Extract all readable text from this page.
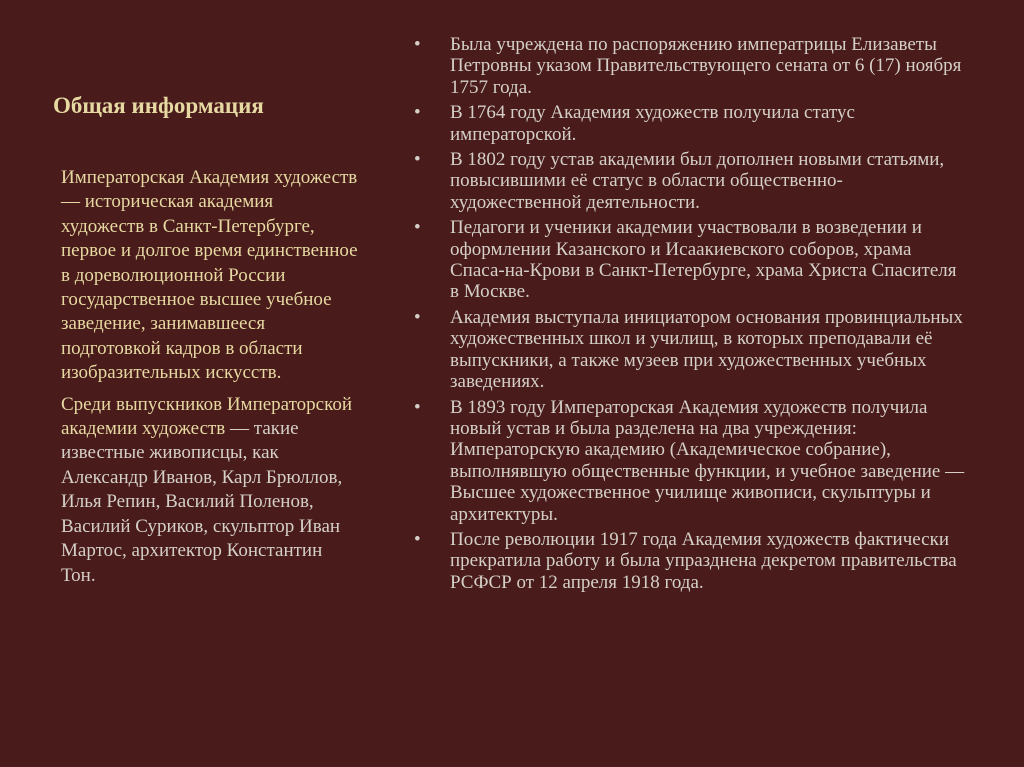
Общая информация

Императорская Академия художеств — историческая академия художеств в Санкт-Петербурге, первое и долгое время единственное в дореволюционной России государственное высшее учебное заведение, занимавшееся подготовкой кадров в области изобразительных искусств.

Среди выпускников Императорской академии художеств — такие известные живописцы, как Александр Иванов, Карл Брюллов, Илья Репин, Василий Поленов, Василий Суриков, скульптор Иван Мартос, архитектор Константин Тон.

• Была учреждена по распоряжению императрицы Елизаветы Петровны указом Правительствующего сената от 6 (17) ноября 1757 года.
• В 1764 году Академия художеств получила статус императорской.
• В 1802 году устав академии был дополнен новыми статьями, повысившими её статус в области общественно-художественной деятельности.
• Педагоги и ученики академии участвовали в возведении и оформлении Казанского и Исаакиевского соборов, храма Спаса-на-Крови в Санкт-Петербурге, храма Христа Спасителя в Москве.
• Академия выступала инициатором основания провинциальных художественных школ и училищ, в которых преподавали её выпускники, а также музеев при художественных учебных заведениях.
• В 1893 году Императорская Академия художеств получила новый устав и была разделена на два учреждения: Императорскую академию (Академическое собрание), выполнявшую общественные функции, и учебное заведение — Высшее художественное училище живописи, скульптуры и архитектуры.
• После революции 1917 года Академия художеств фактически прекратила работу и была упразднена декретом правительства РСФСР от 12 апреля 1918 года.
